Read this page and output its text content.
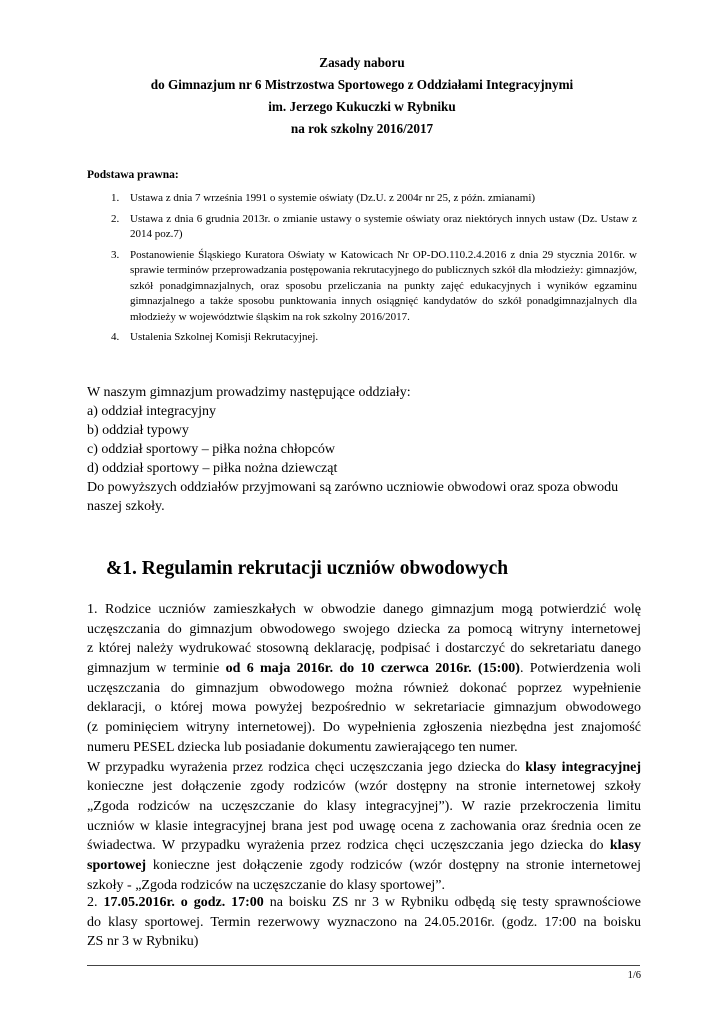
Zasady naboru
do Gimnazjum nr 6 Mistrzostwa Sportowego z Oddziałami Integracyjnymi
im. Jerzego Kukuczki w Rybniku
na rok szkolny 2016/2017
Podstawa prawna:
1. Ustawa z dnia 7 września 1991 o systemie oświaty (Dz.U. z 2004r nr 25, z późn. zmianami)
2. Ustawa z dnia 6 grudnia 2013r. o zmianie ustawy o systemie oświaty oraz niektórych innych ustaw (Dz. Ustaw z 2014 poz.7)
3. Postanowienie Śląskiego Kuratora Oświaty w Katowicach Nr OP-DO.110.2.4.2016 z dnia 29 stycznia 2016r. w sprawie terminów przeprowadzania postępowania rekrutacyjnego do publicznych szkół dla młodzieży: gimnazjów, szkół ponadgimnazjalnych, oraz sposobu przeliczania na punkty zajęć edukacyjnych i wyników egzaminu gimnazjalnego a także sposobu punktowania innych osiągnięć kandydatów do szkół ponadgimnazjalnych dla młodzieży w województwie śląskim na rok szkolny 2016/2017.
4. Ustalenia Szkolnej Komisji Rekrutacyjnej.
W naszym gimnazjum prowadzimy następujące oddziały:
a) oddział integracyjny
b) oddział typowy
c) oddział sportowy – piłka nożna chłopców
d) oddział sportowy – piłka nożna dziewcząt
Do powyższych oddziałów przyjmowani są zarówno uczniowie obwodowi oraz spoza obwodu
naszej szkoły.
&1. Regulamin rekrutacji uczniów obwodowych
1. Rodzice uczniów zamieszkałych w obwodzie danego gimnazjum mogą potwierdzić wolę
uczęszczania do gimnazjum obwodowego swojego dziecka za pomocą witryny internetowej
z której należy wydrukować stosowną deklarację, podpisać i dostarczyć do sekretariatu danego
gimnazjum w terminie od 6 maja 2016r. do 10 czerwca 2016r. (15:00). Potwierdzenia woli
uczęszczania do gimnazjum obwodowego można również dokonać poprzez wypełnienie
deklaracji, o której mowa powyżej bezpośrednio w sekretariacie gimnazjum obwodowego
(z pominięciem witryny internetowej). Do wypełnienia zgłoszenia niezbędna jest znajomość
numeru PESEL dziecka lub posiadanie dokumentu zawierającego ten numer.
W przypadku wyrażenia przez rodzica chęci uczęszczania jego dziecka do klasy integracyjnej
konieczne jest dołączenie zgody rodziców (wzór dostępny na stronie internetowej szkoły
„Zgoda rodziców na uczęszczanie do klasy integracyjnej”). W razie przekroczenia limitu
uczniów w klasie integracyjnej brana jest pod uwagę ocena z zachowania oraz średnia ocen ze
świadectwa. W przypadku wyrażenia przez rodzica chęci uczęszczania jego dziecka do klasy
sportowej konieczne jest dołączenie zgody rodziców (wzór dostępny na stronie internetowej
szkoły - „Zgoda rodziców na uczęszczanie do klasy sportowej”.
2. 17.05.2016r. o godz. 17:00 na boisku ZS nr 3 w Rybniku odbędą się testy sprawnościowe
do klasy sportowej. Termin rezerwowy wyznaczono na 24.05.2016r. (godz. 17:00 na boisku
ZS nr 3 w Rybniku)
1/6
